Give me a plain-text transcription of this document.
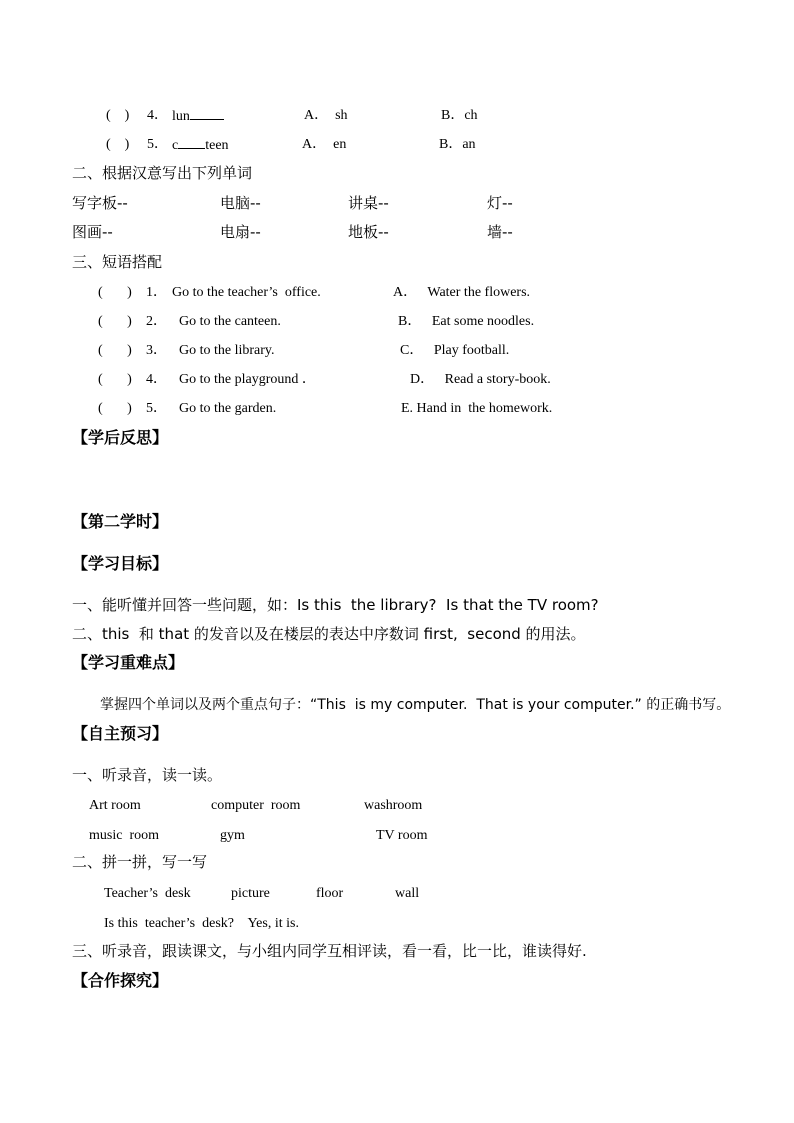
(    ) 4． lun	A．  sh	B．ch
(    ) 5． c teen	A．  en	B．an
二、根据汉意写出下列单词
写字板--	电脑--	讲桌--	灯--
图画--	电扇--	地板--	墙--
三、短语搭配
(       ) 1． Go to the teacher’s  office.	A．   Water the flowers.
(       ) 2． Go to the canteen.	B．   Eat some noodles.
(       ) 3． Go to the library.	C．   Play football.
(       ) 4． Go to the playground ．	D．   Read a story-book.
(       ) 5． Go to the garden.	E. Hand in  the homework.
【学后反思】
【第二学时】
【学习目标】
一、能听懂并回答一些问题，如：Is this  the library?  Is that the TV room?
二、this  和 that 的发音以及在楼层的表达中序数词 first,  second 的用法。
【学习重难点】
掌握四个单词以及两个重点句子：“This  is my computer.  That is your computer.” 的正确书写。
【自主预习】
一、听录音，读一读。
Art room	computer  room	washroom
music  room	gym	TV room
二、拼一拼，写一写
Teacher’s  desk	picture	floor	wall
Is this  teacher’s  desk?    Yes, it is.
三、听录音，跟读课文，与小组内同学互相评读，看一看，比一比，谁读得好.
【合作探究】
